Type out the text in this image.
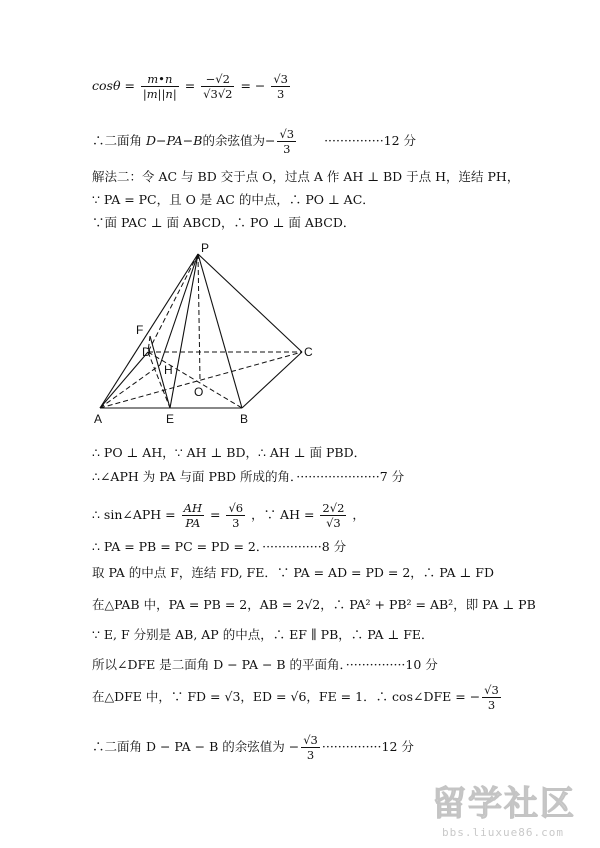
$\cos\theta = \frac{m•n}{|m||n|} = \frac{-√2}{√3√2}$ = − $\frac{√3}{3}$
∴二面角 D−PA−B的余弦值为− $\frac{√3}{3} \cdot\cdot\cdot\cdot\cdot\cdot\cdot\cdot\cdot\cdot\cdot\cdot\cdot\cdot\cdot 12$ 分
解法二：令 AC 与 BD 交于点 O，过点 A 作 AH ⊥ BD 于点 H，连结 PH，
∵ PA = PC，且 O 是 AC 的中点，∴ PO ⊥ AC．
∵面 PAC ⊥ 面 ABCD，∴ PO ⊥ 面 ABCD．
P
F
D
H
O
C
A	E	B
∴ PO ⊥ AH，∵ AH ⊥ BD，∴ AH ⊥ 面 PBD．
∴∠APH 为 PA 与面 PBD 所成的角．·····················7 分
∴ sin∠APH = $\frac{AH}{PA} = \frac{√6}{3}$ ，∵ AH = $\frac{2√2}{√3}$ ，
∴ PA = PB = PC = PD = 2．···············8 分
取 PA 的中点 F，连结 FD, FE．∵ PA = AD = PD = 2，∴ PA ⊥ FD
在△PAB 中，PA = PB = 2，AB = 2√2，∴ PA² + PB² = AB²，即 PA ⊥ PB
∵ E, F 分别是 AB, AP 的中点，∴ EF ∥ PB，∴ PA ⊥ FE．
所以∠DFE 是二面角 D − PA − B 的平面角．···············10 分
在△DFE 中，∵ FD = √3，ED = √6，FE = 1．∴ cos∠DFE = − $\frac{√3}{3}$
∴二面角 D − PA − B 的余弦值为 − $\frac{√3}{3} \cdot\cdot\cdot\cdot\cdot\cdot\cdot\cdot\cdot\cdot\cdot\cdot\cdot\cdot\cdot 12$ 分
留学社区
bbs.liuxue86.com
